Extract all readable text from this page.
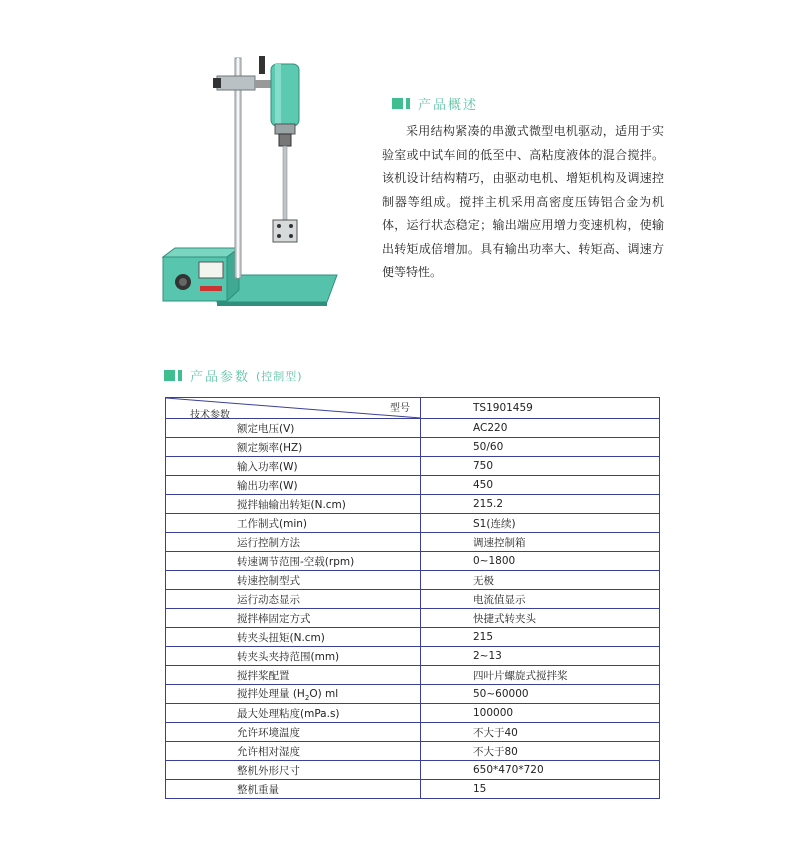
产品概述

采用结构紧凑的串激式微型电机驱动，适用于实验室或中试车间的低至中、高粘度液体的混合搅拌。该机设计结构精巧，由驱动电机、增矩机构及调速控制器等组成。搅拌主机采用高密度压铸铝合金为机体，运行状态稳定；输出端应用增力变速机构，使输出转矩成倍增加。具有输出功率大、转矩高、调速方便等特性。

产品参数 (控制型)
技术参数
型号	TS1901459
额定电压(V)	AC220
额定频率(HZ)	50/60
输入功率(W)	750
输出功率(W)	450
搅拌轴输出转矩(N.cm)	215.2
工作制式(min)	S1(连续)
运行控制方法	调速控制箱
转速调节范围-空载(rpm)	0~1800
转速控制型式	无极
运行动态显示	电流值显示
搅拌棒固定方式	快捷式转夹头
转夹头扭矩(N.cm)	215
转夹头夹持范围(mm)	2~13
搅拌桨配置	四叶片螺旋式搅拌桨
搅拌处理量 $(H_2O)$ ml	50~60000
最大处理粘度(mPa.s)	100000
允许环境温度	不大于40
允许相对湿度	不大于80
整机外形尺寸	650*470*720
整机重量	15
